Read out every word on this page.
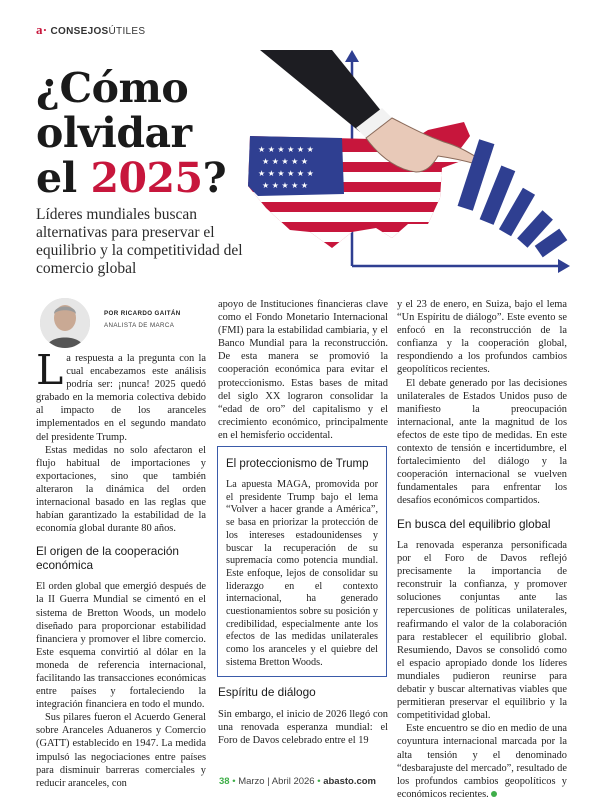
a· CONSEJOSÚTILES
¿Cómo
olvidar
el 2025?
Líderes mundiales buscan alternativas para preservar el equilibrio y la competitividad del comercio global
★ ★ ★ ★ ★ ★
★ ★ ★ ★ ★
★ ★ ★ ★ ★ ★
★ ★ ★ ★ ★
POR RICARDO GAITÁN
ANALISTA DE MARCA

La respuesta a la pregunta con la cual encabezamos este análisis podría ser: ¡nunca! 2025 quedó grabado en la memoria colectiva debido al impacto de los aranceles implementados en el segundo mandato del presidente Trump.

Estas medidas no solo afectaron el flujo habitual de importaciones y exportaciones, sino que también alteraron la dinámica del orden internacional basado en las reglas que habían garantizado la estabilidad de la economía global durante 80 años.

El origen de la cooperación económica

El orden global que emergió después de la II Guerra Mundial se cimentó en el sistema de Bretton Woods, un modelo diseñado para proporcionar estabilidad financiera y promover el libre comercio. Este esquema convirtió al dólar en la moneda de referencia internacional, facilitando las transacciones económicas entre países y fortaleciendo la integración financiera en todo el mundo.

Sus pilares fueron el Acuerdo General sobre Aranceles Aduaneros y Comercio (GATT) establecido en 1947. La medida impulsó las negociaciones entre países para disminuir barreras comerciales y reducir aranceles, con

apoyo de Instituciones financieras clave como el Fondo Monetario Internacional (FMI) para la estabilidad cambiaria, y el Banco Mundial para la reconstrucción. De esta manera se promovió la cooperación económica para evitar el proteccionismo. Estas bases de mitad del siglo XX lograron consolidar la “edad de oro” del capitalismo y el crecimiento económico, principalmente en el hemisferio occidental.

El proteccionismo de Trump

La apuesta MAGA, promovida por el presidente Trump bajo el lema “Volver a hacer grande a América”, se basa en priorizar la protección de los intereses estadounidenses y buscar la recuperación de su supremacía como potencia mundial. Este enfoque, lejos de consolidar su liderazgo en el contexto internacional, ha generado cuestionamientos sobre su posición y credibilidad, especialmente ante los efectos de las medidas unilaterales como los aranceles y el quiebre del sistema Bretton Woods.

Espíritu de diálogo

Sin embargo, el inicio de 2026 llegó con una renovada esperanza mundial: el Foro de Davos celebrado entre el 19

y el 23 de enero, en Suiza, bajo el lema “Un Espíritu de diálogo”. Este evento se enfocó en la reconstrucción de la confianza y la cooperación global, respondiendo a los profundos cambios geopolíticos recientes.

El debate generado por las decisiones unilaterales de Estados Unidos puso de manifiesto la preocupación internacional, ante la magnitud de los efectos de este tipo de medidas. En este contexto de tensión e incertidumbre, el fortalecimiento del diálogo y la cooperación internacional se vuelven fundamentales para enfrentar los desafíos económicos compartidos.

En busca del equilibrio global

La renovada esperanza personificada por el Foro de Davos reflejó precisamente la importancia de reconstruir la confianza, y promover soluciones conjuntas ante las repercusiones de políticas unilaterales, reafirmando el valor de la colaboración para restablecer el equilibrio global. Resumiendo, Davos se consolidó como el espacio apropiado donde los líderes mundiales pudieron reunirse para debatir y buscar alternativas viables que permitieran preservar el equilibrio y la competitividad global.

Este encuentro se dio en medio de una coyuntura internacional marcada por la alta tensión y el denominado “desbarajuste del mercado”, resultado de los profundos cambios geopolíticos y económicos recientes.

38 • Marzo | Abril 2026 • abasto.com
